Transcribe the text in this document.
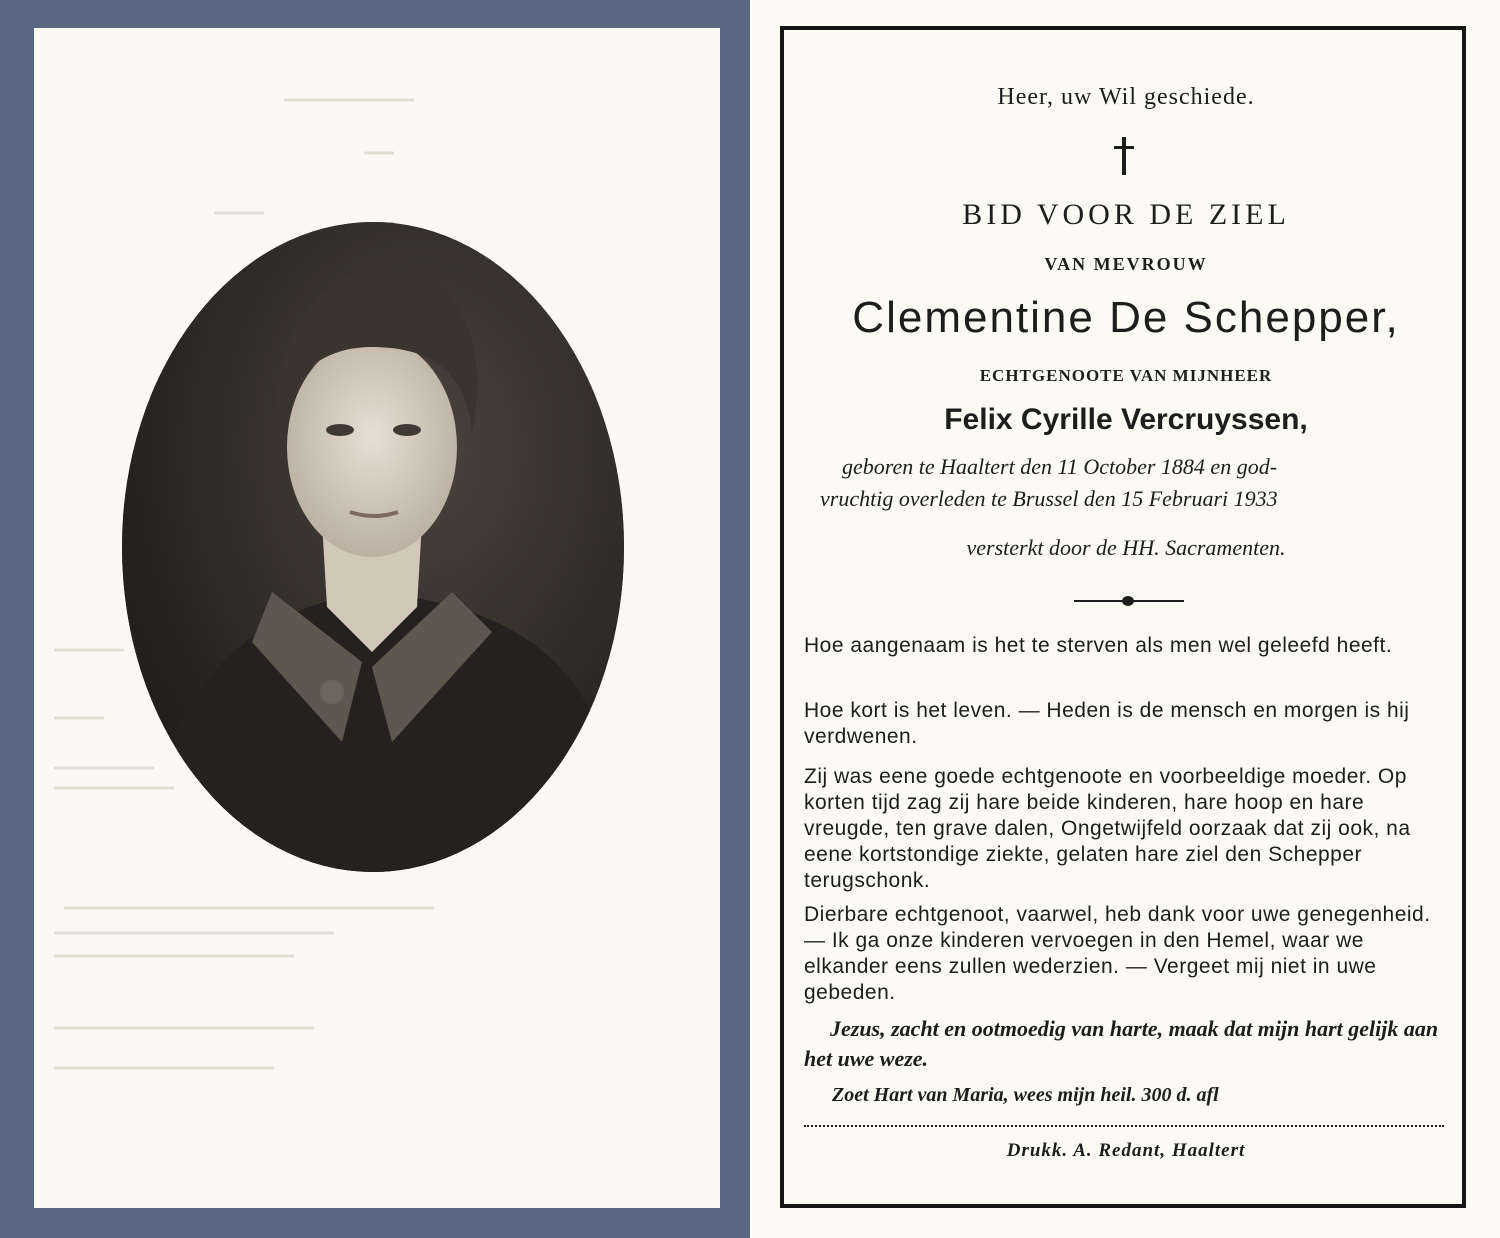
Heer, uw Wil geschiede.
BID VOOR DE ZIEL
VAN MEVROUW
Clementine De Schepper,
ECHTGENOOTE VAN MIJNHEER
Felix Cyrille Vercruyssen,
geboren te Haaltert den 11 October 1884 en god-
vruchtig overleden te Brussel den 15 Februari 1933
versterkt door de HH. Sacramenten.
Hoe aangenaam is het te sterven als men wel geleefd heeft.
Hoe kort is het leven. — Heden is de mensch en morgen is hij verdwenen.
Zij was eene goede echtgenoote en voorbeeldige moeder. Op korten tijd zag zij hare beide kinderen, hare hoop en hare vreugde, ten grave dalen, Ongetwijfeld oorzaak dat zij ook, na eene kortstondige ziekte, gelaten hare ziel den Schepper terugschonk.
Dierbare echtgenoot, vaarwel, heb dank voor uwe genegenheid. — Ik ga onze kinderen vervoegen in den Hemel, waar we elkander eens zullen wederzien. — Vergeet mij niet in uwe gebeden.
Jezus, zacht en ootmoedig van harte, maak dat mijn hart gelijk aan het uwe weze.
Zoet Hart van Maria, wees mijn heil. 300 d. afl
Drukk. A. Redant, Haaltert
